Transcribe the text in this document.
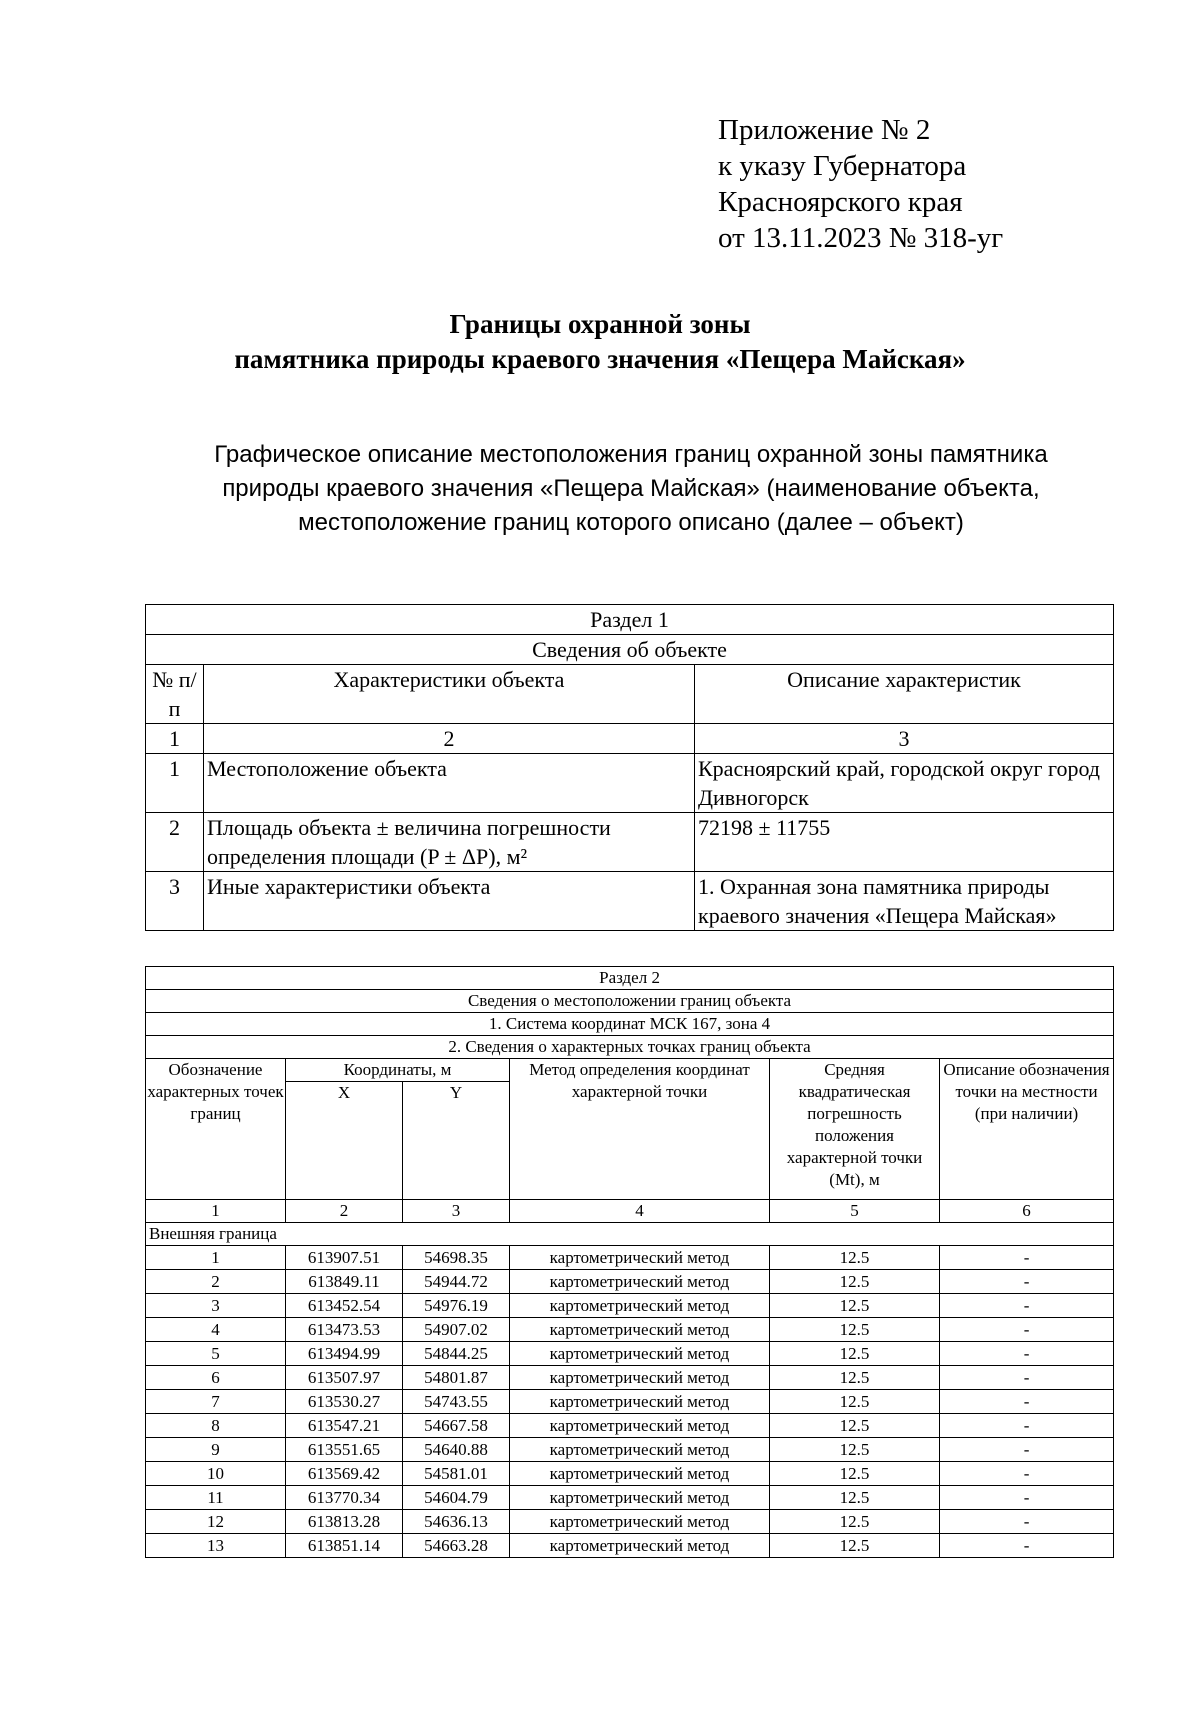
Приложение № 2
к указу Губернатора
Красноярского края
от 13.11.2023 № 318-уг
Границы охранной зоны
памятника природы краевого значения «Пещера Майская»
Графическое описание местоположения границ охранной зоны памятника
природы краевого значения «Пещера Майская» (наименование объекта,
местоположение границ которого описано (далее – объект)
Раздел 1		
Сведения об объекте		
№ п/п	Характеристики объекта	Описание характеристик
1	2	3
1	Местоположение объекта	Красноярский край, городской округ город Дивногорск
2	Площадь объекта ± величина погрешности определения площади (P ± ΔP), м²	72198 ± 11755
3	Иные характеристики объекта	1. Охранная зона памятника природы краевого значения «Пещера Майская»
Раздел 2					
Сведения о местоположении границ объекта					
1. Система координат МСК 167, зона 4					
2. Сведения о характерных точках границ объекта					
Обозначение характерных точек границ	Координаты, м		Метод определения координат характерной точки	Средняя квадратическая погрешность положения характерной точки (Mt), м	Описание обозначения точки на местности (при наличии)
	X	Y			
1	2	3	4	5	6
Внешняя граница					
1	613907.51	54698.35	картометрический метод	12.5	-
2	613849.11	54944.72	картометрический метод	12.5	-
3	613452.54	54976.19	картометрический метод	12.5	-
4	613473.53	54907.02	картометрический метод	12.5	-
5	613494.99	54844.25	картометрический метод	12.5	-
6	613507.97	54801.87	картометрический метод	12.5	-
7	613530.27	54743.55	картометрический метод	12.5	-
8	613547.21	54667.58	картометрический метод	12.5	-
9	613551.65	54640.88	картометрический метод	12.5	-
10	613569.42	54581.01	картометрический метод	12.5	-
11	613770.34	54604.79	картометрический метод	12.5	-
12	613813.28	54636.13	картометрический метод	12.5	-
13	613851.14	54663.28	картометрический метод	12.5	-
